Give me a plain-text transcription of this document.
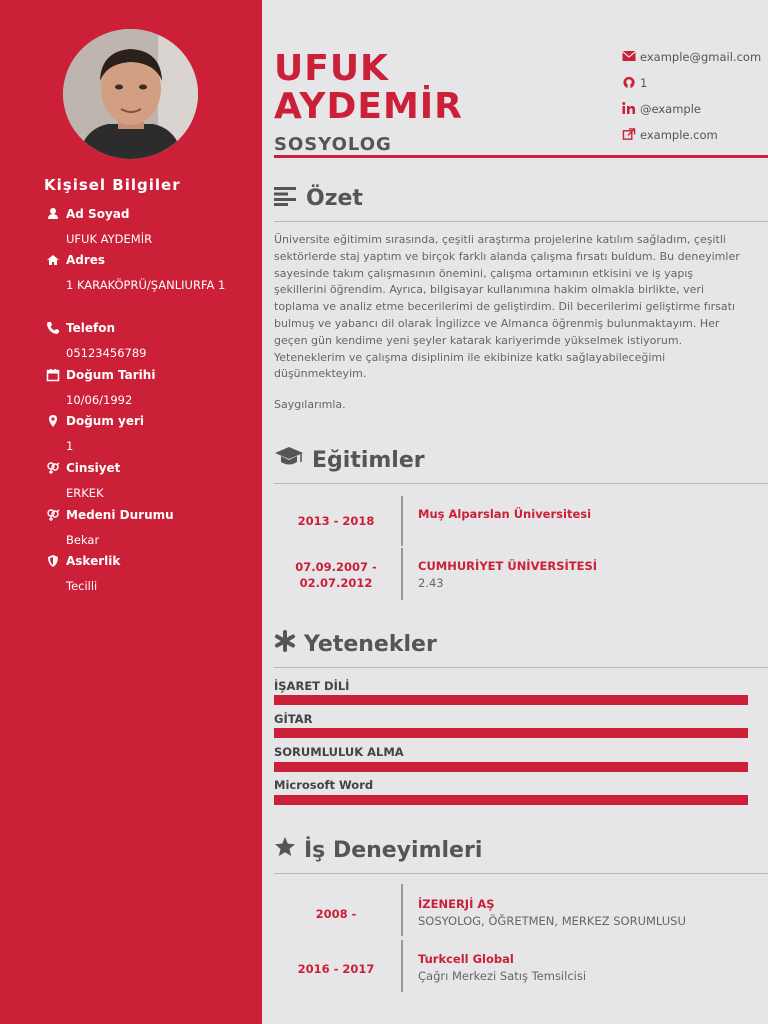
Kişisel Bilgiler
Ad Soyad
UFUK AYDEMİR
Adres
1 KARAKÖPRÜ/ŞANLIURFA 1
Telefon
05123456789
Doğum Tarihi
10/06/1992
Doğum yeri
1
Cinsiyet
ERKEK
Medeni Durumu
Bekar
Askerlik
Tecilli
UFUK
AYDEMİR
SOSYOLOG
example@gmail.com
1
@example
example.com
Özet
Üniversite eğitimim sırasında, çeşitli araştırma projelerine katılım sağladım, çeşitli sektörlerde staj yaptım ve birçok farklı alanda çalışma fırsatı buldum. Bu deneyimler sayesinde takım çalışmasının önemini, çalışma ortamının etkisini ve iş yapış şekillerini öğrendim. Ayrıca, bilgisayar kullanımına hakim olmakla birlikte, veri toplama ve analiz etme becerilerimi de geliştirdim. Dil becerilerimi geliştirme fırsatı bulmuş ve yabancı dil olarak İngilizce ve Almanca öğrenmiş bulunmaktayım. Her geçen gün kendime yeni şeyler katarak kariyerimde yükselmek istiyorum. Yeteneklerim ve çalışma disiplinim ile ekibinize katkı sağlayabileceğimi düşünmekteyim.
Saygılarımla.
Eğitimler
2013 - 2018	Muş Alparslan Üniversitesi
07.09.2007 -
02.07.2012
CUMHURİYET ÜNİVERSİTESİ
2.43
Yetenekler
İŞARET DİLİ
GİTAR
SORUMLULUK ALMA
Microsoft Word
İş Deneyimleri
2008 -
İZENERJİ AŞ
SOSYOLOG, ÖĞRETMEN, MERKEZ SORUMLUSU
2016 - 2017
Turkcell Global
Çağrı Merkezi Satış Temsilcisi
